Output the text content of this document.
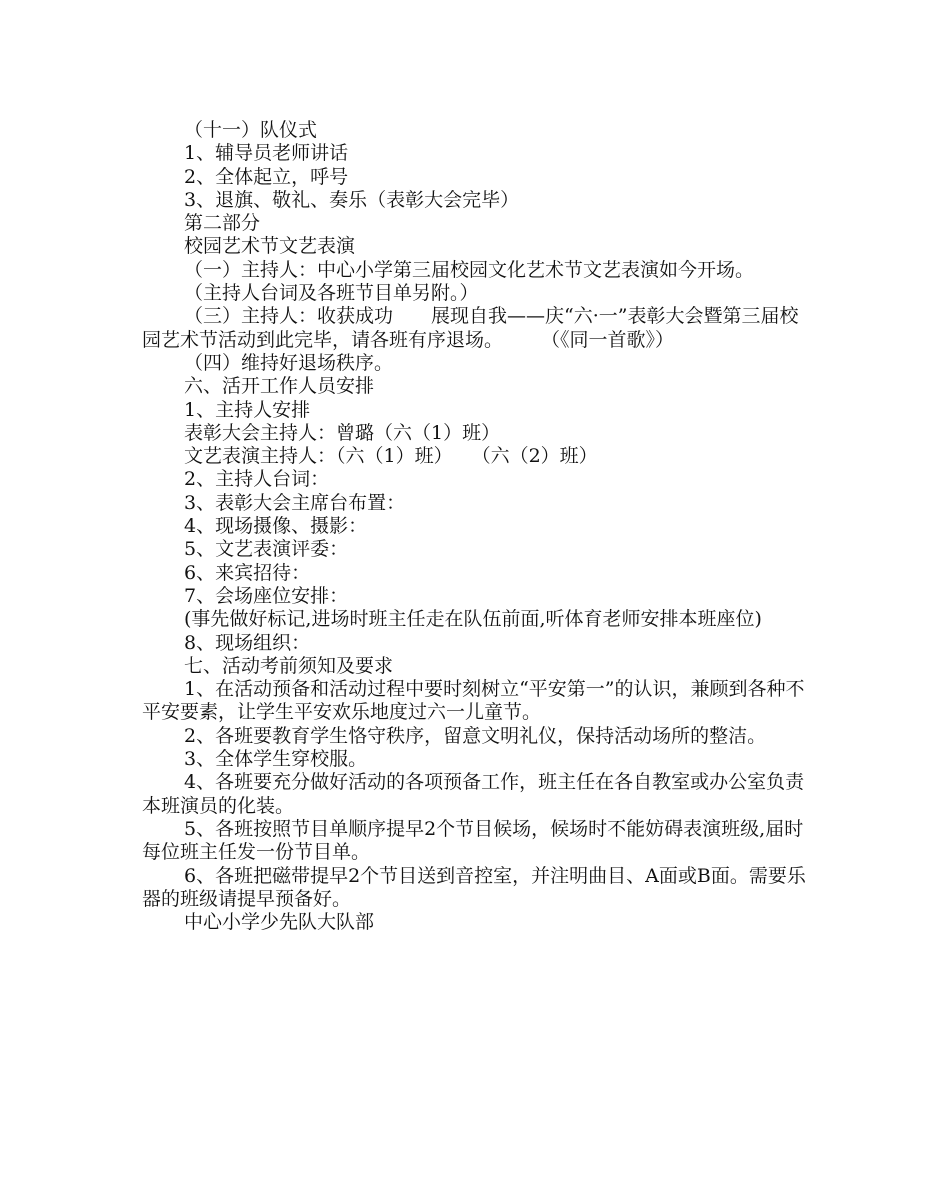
（十一）队仪式

1、辅导员老师讲话

2、全体起立，呼号

3、退旗、敬礼、奏乐（表彰大会完毕）

第二部分

校园艺术节文艺表演

（一）主持人：中心小学第三届校园文化艺术节文艺表演如今开场。

（主持人台词及各班节目单另附。）

（三）主持人：收获成功　　展现自我——庆“六·一”表彰大会暨第三届校园艺术节活动到此完毕，请各班有序退场。　　　（《同一首歌》）

（四）维持好退场秩序。

六、活开工作人员安排

1、主持人安排

表彰大会主持人：曾璐（六（1）班）

文艺表演主持人：（六（1）班）　　（六（2）班）

2、主持人台词：

3、表彰大会主席台布置：

4、现场摄像、摄影：

5、文艺表演评委：

6、来宾招待：

7、会场座位安排：

(事先做好标记,进场时班主任走在队伍前面,听体育老师安排本班座位)

8、现场组织：

七、活动考前须知及要求

1、在活动预备和活动过程中要时刻树立“平安第一”的认识，兼顾到各种不平安要素，让学生平安欢乐地度过六一儿童节。

2、各班要教育学生恪守秩序，留意文明礼仪，保持活动场所的整洁。

3、全体学生穿校服。

4、各班要充分做好活动的各项预备工作，班主任在各自教室或办公室负责本班演员的化装。

5、各班按照节目单顺序提早2个节目候场，候场时不能妨碍表演班级,届时每位班主任发一份节目单。

6、各班把磁带提早2个节目送到音控室，并注明曲目、A面或B面。需要乐器的班级请提早预备好。

中心小学少先队大队部
